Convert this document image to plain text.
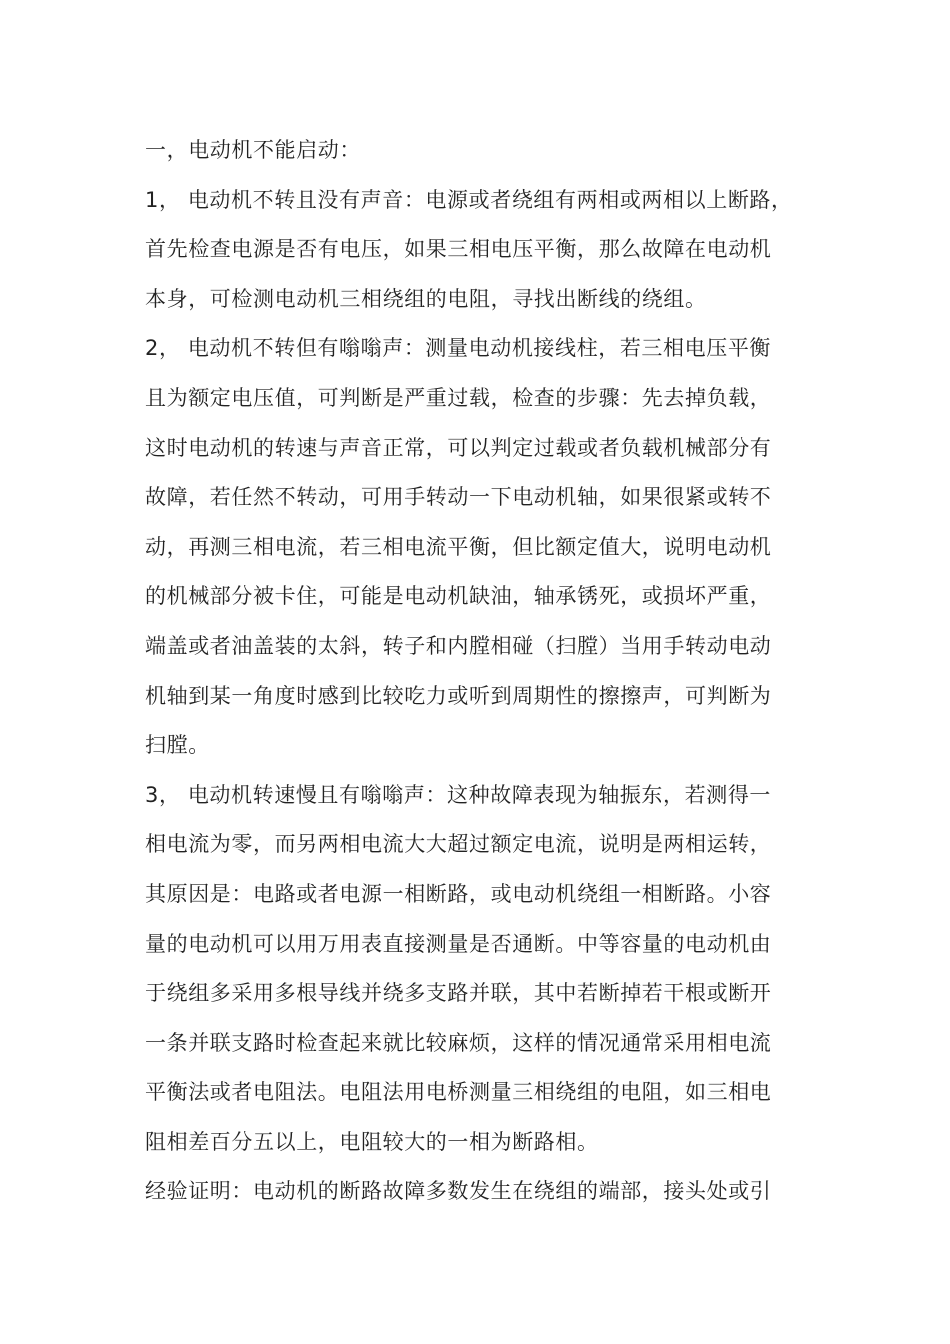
一，电动机不能启动：
1， 电动机不转且没有声音：电源或者绕组有两相或两相以上断路，
首先检查电源是否有电压，如果三相电压平衡，那么故障在电动机
本身，可检测电动机三相绕组的电阻，寻找出断线的绕组。
2， 电动机不转但有嗡嗡声：测量电动机接线柱，若三相电压平衡
且为额定电压值，可判断是严重过载，检查的步骤：先去掉负载，
这时电动机的转速与声音正常，可以判定过载或者负载机械部分有
故障，若任然不转动，可用手转动一下电动机轴，如果很紧或转不
动，再测三相电流，若三相电流平衡，但比额定值大，说明电动机
的机械部分被卡住，可能是电动机缺油，轴承锈死，或损坏严重，
端盖或者油盖装的太斜，转子和内膛相碰（扫膛）当用手转动电动
机轴到某一角度时感到比较吃力或听到周期性的擦擦声，可判断为
扫膛。
3， 电动机转速慢且有嗡嗡声：这种故障表现为轴振东，若测得一
相电流为零，而另两相电流大大超过额定电流，说明是两相运转，
其原因是：电路或者电源一相断路，或电动机绕组一相断路。小容
量的电动机可以用万用表直接测量是否通断。中等容量的电动机由
于绕组多采用多根导线并绕多支路并联，其中若断掉若干根或断开
一条并联支路时检查起来就比较麻烦，这样的情况通常采用相电流
平衡法或者电阻法。电阻法用电桥测量三相绕组的电阻，如三相电
阻相差百分五以上，电阻较大的一相为断路相。
经验证明：电动机的断路故障多数发生在绕组的端部，接头处或引
